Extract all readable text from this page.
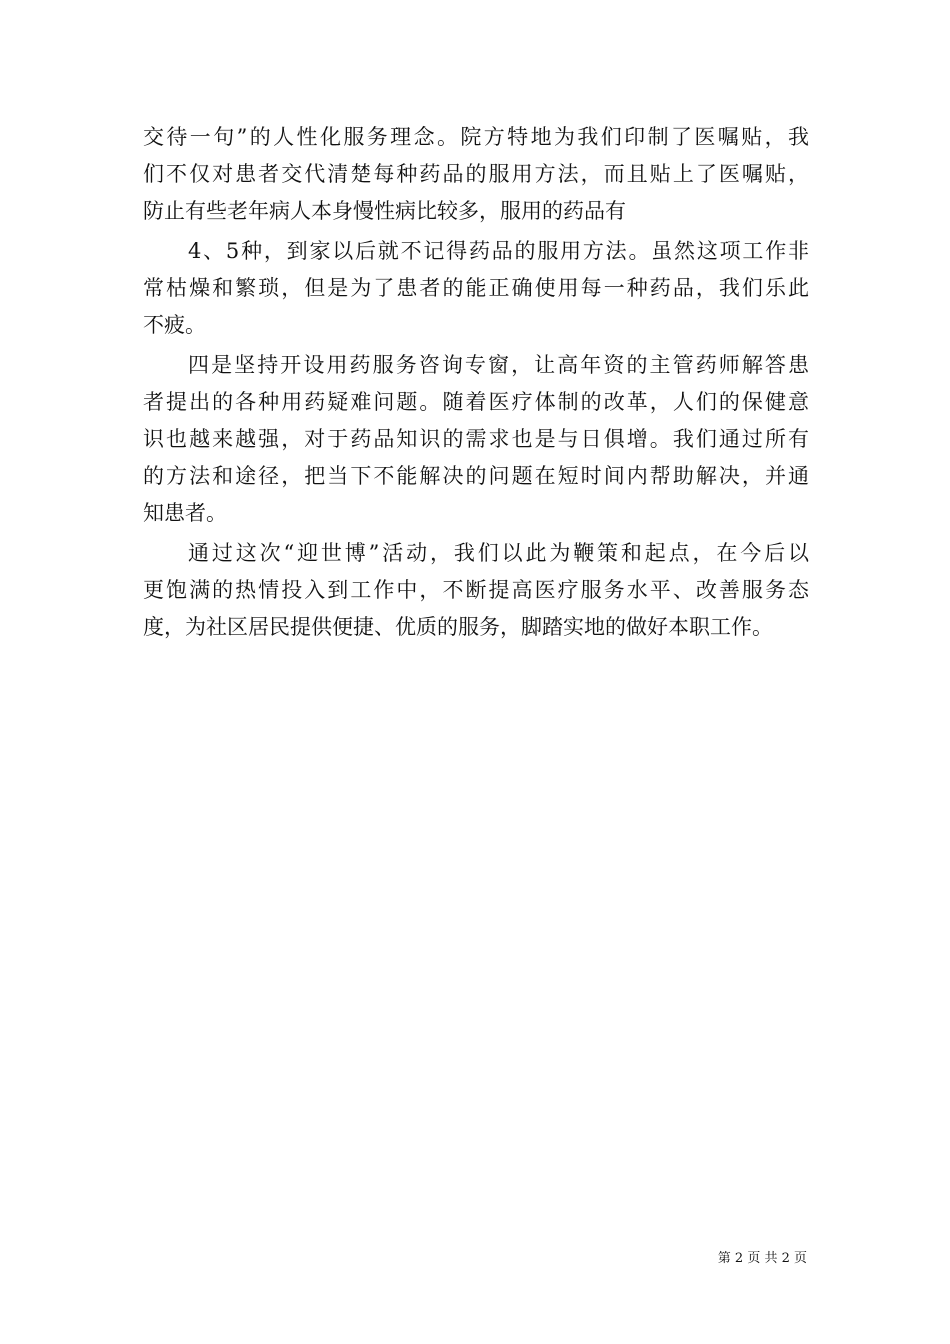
交待一句”的人性化服务理念。院方特地为我们印制了医嘱贴，我
们不仅对患者交代清楚每种药品的服用方法，而且贴上了医嘱贴，
防止有些老年病人本身慢性病比较多，服用的药品有
4、5种，到家以后就不记得药品的服用方法。虽然这项工作非
常枯燥和繁琐，但是为了患者的能正确使用每一种药品，我们乐此
不疲。
四是坚持开设用药服务咨询专窗，让高年资的主管药师解答患
者提出的各种用药疑难问题。随着医疗体制的改革，人们的保健意
识也越来越强，对于药品知识的需求也是与日俱增。我们通过所有
的方法和途径，把当下不能解决的问题在短时间内帮助解决，并通
知患者。
通过这次“迎世博”活动，我们以此为鞭策和起点，在今后以
更饱满的热情投入到工作中，不断提高医疗服务水平、改善服务态
度，为社区居民提供便捷、优质的服务，脚踏实地的做好本职工作。
第 2 页 共 2 页
